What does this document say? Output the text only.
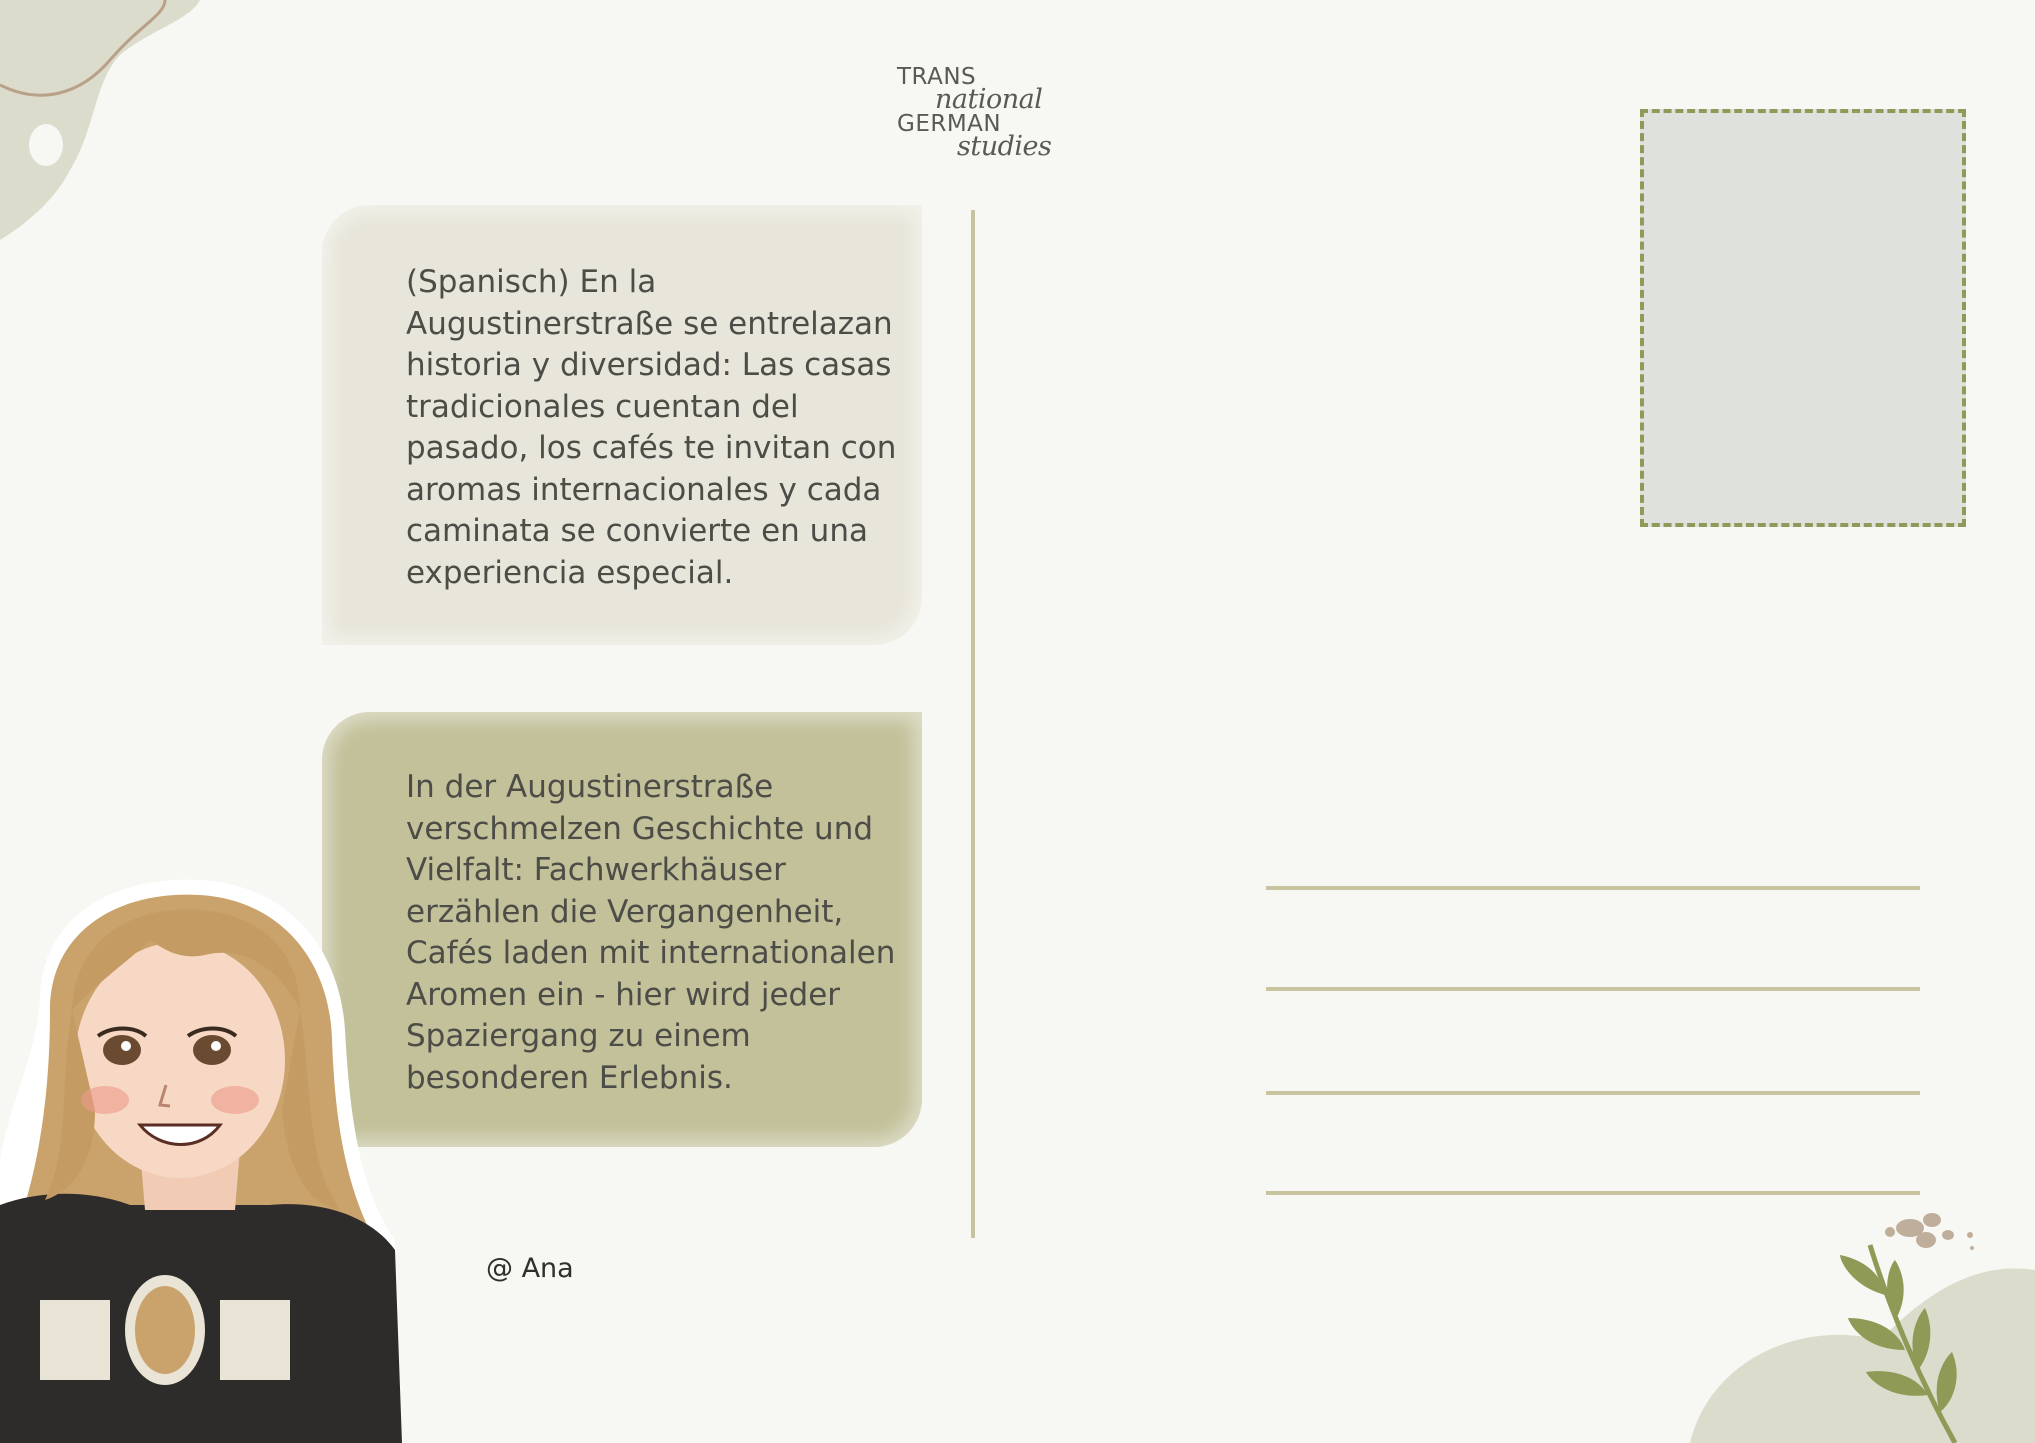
TRANS
national
GERMAN
studies

(Spanisch) En la
Augustinerstraße se entrelazan
historia y diversidad: Las casas
tradicionales cuentan del
pasado, los cafés te invitan con
aromas internacionales y cada
caminata se convierte en una
experiencia especial.

In der Augustinerstraße
verschmelzen Geschichte und
Vielfalt: Fachwerkhäuser
erzählen die Vergangenheit,
Cafés laden mit internationalen
Aromen ein - hier wird jeder
Spaziergang zu einem
besonderen Erlebnis.

@ Ana
